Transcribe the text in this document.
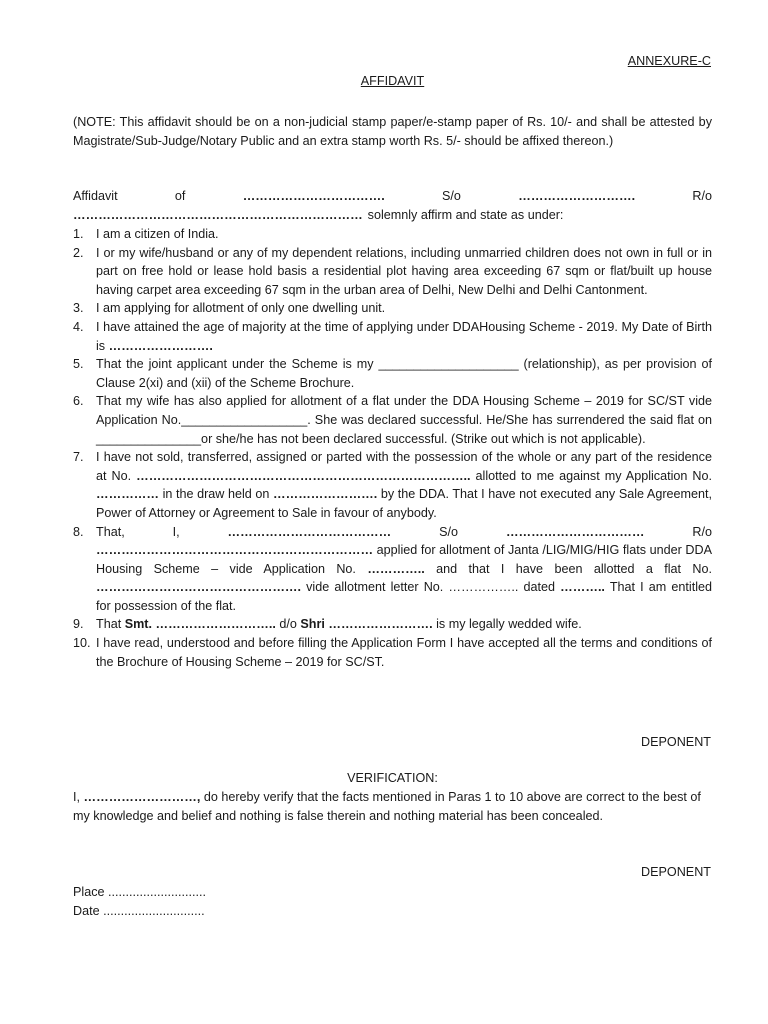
ANNEXURE-C
AFFIDAVIT
(NOTE: This affidavit should be on a non-judicial stamp paper/e-stamp paper of Rs. 10/- and shall be attested by Magistrate/Sub-Judge/Notary Public and an extra stamp worth Rs. 5/- should be affixed thereon.)
Affidavit	of	…………………………….	S/o	……………………….	R/o
…………………………………………………………… solemnly affirm and state as under:
1. I am a citizen of India.
2. I or my wife/husband or any of my dependent relations, including unmarried children does not own in full or in part on free hold or lease hold basis a residential plot having area exceeding 67 sqm or flat/built up house having carpet area exceeding 67 sqm in the urban area of Delhi, New Delhi and Delhi Cantonment.
3. I am applying for allotment of only one dwelling unit.
4. I have attained the age of majority at the time of applying under DDAHousing Scheme - 2019. My Date of Birth is …………………….
5. That the joint applicant under the Scheme is my ____________________ (relationship), as per provision of Clause 2(xi) and (xii) of the Scheme Brochure.
6. That my wife has also applied for allotment of a flat under the DDA Housing Scheme – 2019 for SC/ST vide Application No.__________________. She was declared successful. He/She has surrendered the said flat on _______________or she/he has not been declared successful. (Strike out which is not applicable).
7. I have not sold, transferred, assigned or parted with the possession of the whole or any part of the residence at No. …………………………………………………………………….. allotted to me against my Application No. …………… in the draw held on ……………………. by the DDA. That I have not executed any Sale Agreement, Power of Attorney or Agreement to Sale in favour of anybody.
8. That,	I,	…………………………………	S/o	……………………………	R/o
………………………………………………………… applied for allotment of Janta /LIG/MIG/HIG flats under DDA Housing Scheme – vide Application No. ………….. and that I have been allotted a flat No. …………………………………………. vide allotment letter No. …………….. dated ……….. That I am entitled for possession of the flat.
9. That Smt. ……………………….. d/o Shri ……………………. is my legally wedded wife.
10. I have read, understood and before filling the Application Form I have accepted all the terms and conditions of the Brochure of Housing Scheme – 2019 for SC/ST.
DEPONENT
VERIFICATION:
I, ………………………, do hereby verify that the facts mentioned in Paras 1 to 10 above are correct to the best of my knowledge and belief and nothing is false therein and nothing material has been concealed.
DEPONENT
Place ............................
Date .............................
